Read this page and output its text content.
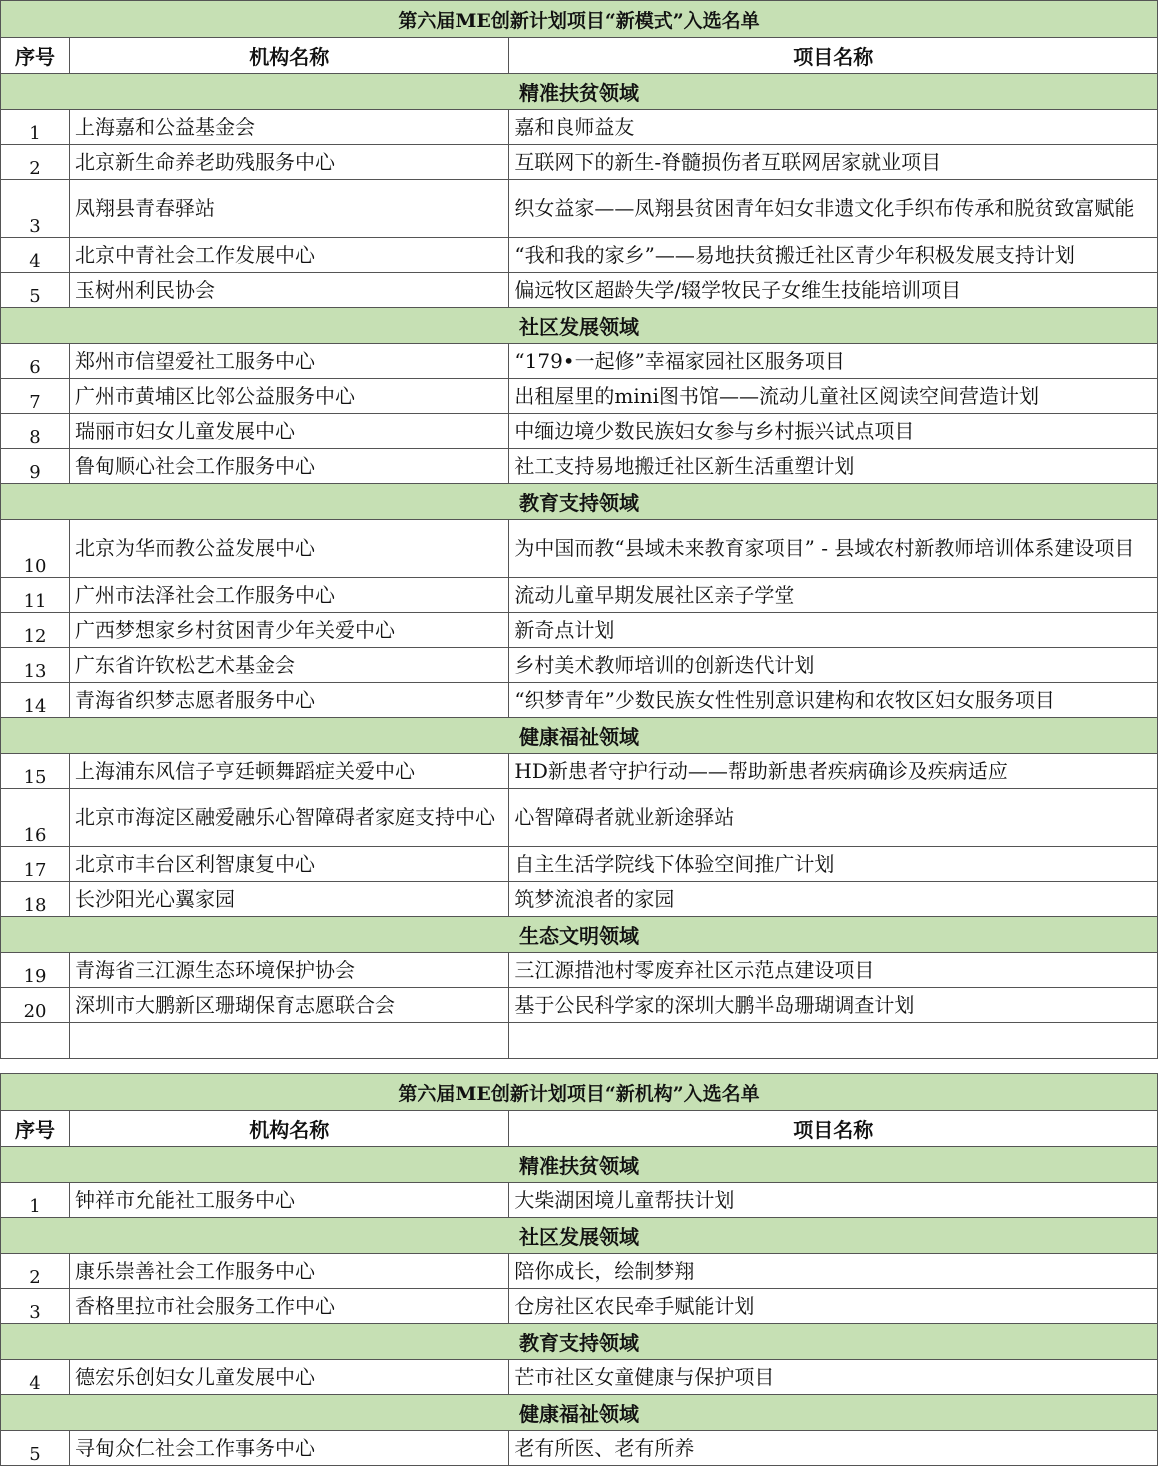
第六届ME创新计划项目“新模式”入选名单		
序号	机构名称	项目名称
精准扶贫领域		
1	上海嘉和公益基金会	嘉和良师益友
2	北京新生命养老助残服务中心	互联网下的新生-脊髓损伤者互联网居家就业项目
3	凤翔县青春驿站	织女益家——凤翔县贫困青年妇女非遗文化手织布传承和脱贫致富赋能
4	北京中青社会工作发展中心	“我和我的家乡”——易地扶贫搬迁社区青少年积极发展支持计划
5	玉树州利民协会	偏远牧区超龄失学/辍学牧民子女维生技能培训项目
社区发展领域		
6	郑州市信望爱社工服务中心	“179•一起修”幸福家园社区服务项目
7	广州市黄埔区比邻公益服务中心	出租屋里的mini图书馆——流动儿童社区阅读空间营造计划
8	瑞丽市妇女儿童发展中心	中缅边境少数民族妇女参与乡村振兴试点项目
9	鲁甸顺心社会工作服务中心	社工支持易地搬迁社区新生活重塑计划
教育支持领域		
10	北京为华而教公益发展中心	为中国而教“县域未来教育家项目” - 县域农村新教师培训体系建设项目
11	广州市法泽社会工作服务中心	流动儿童早期发展社区亲子学堂
12	广西梦想家乡村贫困青少年关爱中心	新奇点计划
13	广东省许钦松艺术基金会	乡村美术教师培训的创新迭代计划
14	青海省织梦志愿者服务中心	“织梦青年”少数民族女性性别意识建构和农牧区妇女服务项目
健康福祉领域		
15	上海浦东风信子亨廷顿舞蹈症关爱中心	HD新患者守护行动——帮助新患者疾病确诊及疾病适应
16	北京市海淀区融爱融乐心智障碍者家庭支持中心	心智障碍者就业新途驿站
17	北京市丰台区利智康复中心	自主生活学院线下体验空间推广计划
18	长沙阳光心翼家园	筑梦流浪者的家园
生态文明领域		
19	青海省三江源生态环境保护协会	三江源措池村零废弃社区示范点建设项目
20	深圳市大鹏新区珊瑚保育志愿联合会	基于公民科学家的深圳大鹏半岛珊瑚调查计划

第六届ME创新计划项目“新机构”入选名单		
序号	机构名称	项目名称
精准扶贫领域		
1	钟祥市允能社工服务中心	大柴湖困境儿童帮扶计划
社区发展领域		
2	康乐崇善社会工作服务中心	陪你成长，绘制梦翔
3	香格里拉市社会服务工作中心	仓房社区农民牵手赋能计划
教育支持领域		
4	德宏乐创妇女儿童发展中心	芒市社区女童健康与保护项目
健康福祉领域		
5	寻甸众仁社会工作事务中心	老有所医、老有所养
